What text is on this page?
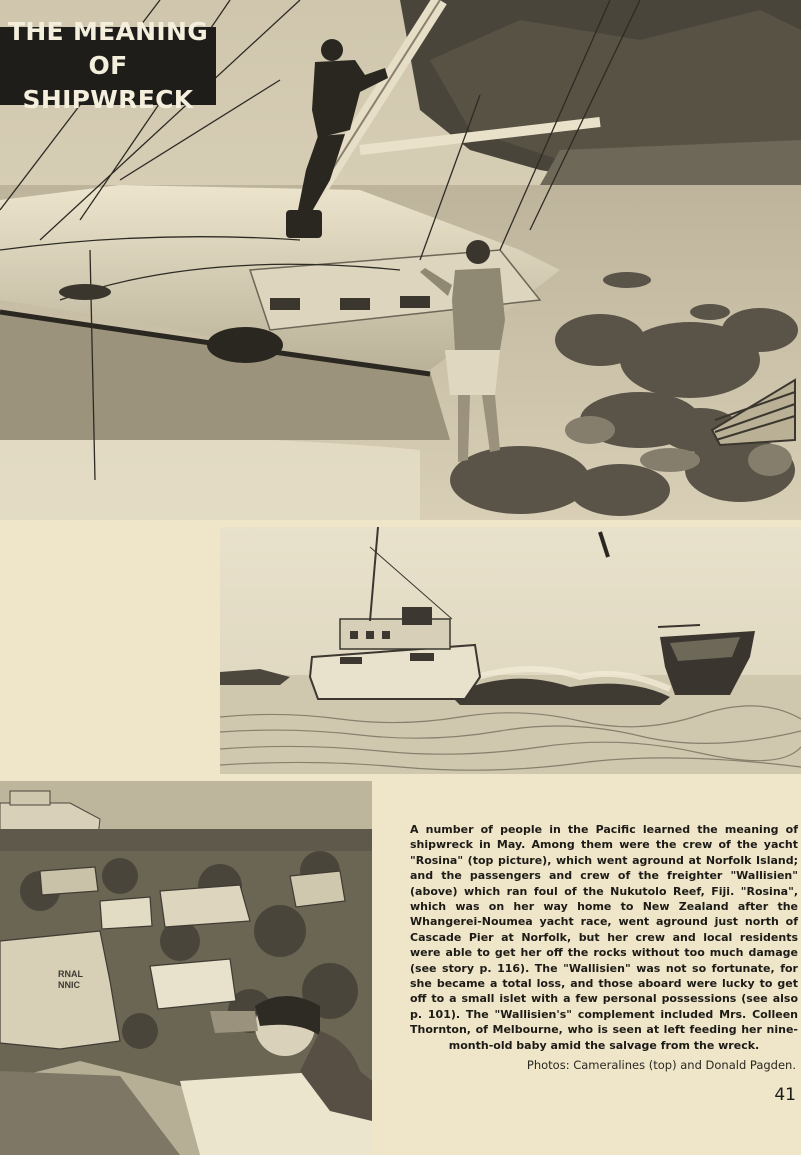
THE MEANING OF
SHIPWRECK
RNAL
NNIC
A number of people in the Pacific learned the meaning of shipwreck in May. Among them were the crew of the yacht "Rosina" (top picture), which went aground at Norfolk Island; and the passengers and crew of the freighter "Wallisien" (above) which ran foul of the Nukutolo Reef, Fiji. "Rosina", which was on her way home to New Zealand after the Whangerei-Noumea yacht race, went aground just north of Cascade Pier at Norfolk, but her crew and local residents were able to get her off the rocks without too much damage (see story p. 116). The "Wallisien" was not so fortunate, for she became a total loss, and those aboard were lucky to get off to a small islet with a few personal possessions (see also p. 101). The "Wallisien's" complement included Mrs. Colleen Thornton, of Melbourne, who is seen at left feeding her nine-month-old baby amid the salvage from the wreck.
Photos: Cameralines (top) and Donald Pagden.
41
